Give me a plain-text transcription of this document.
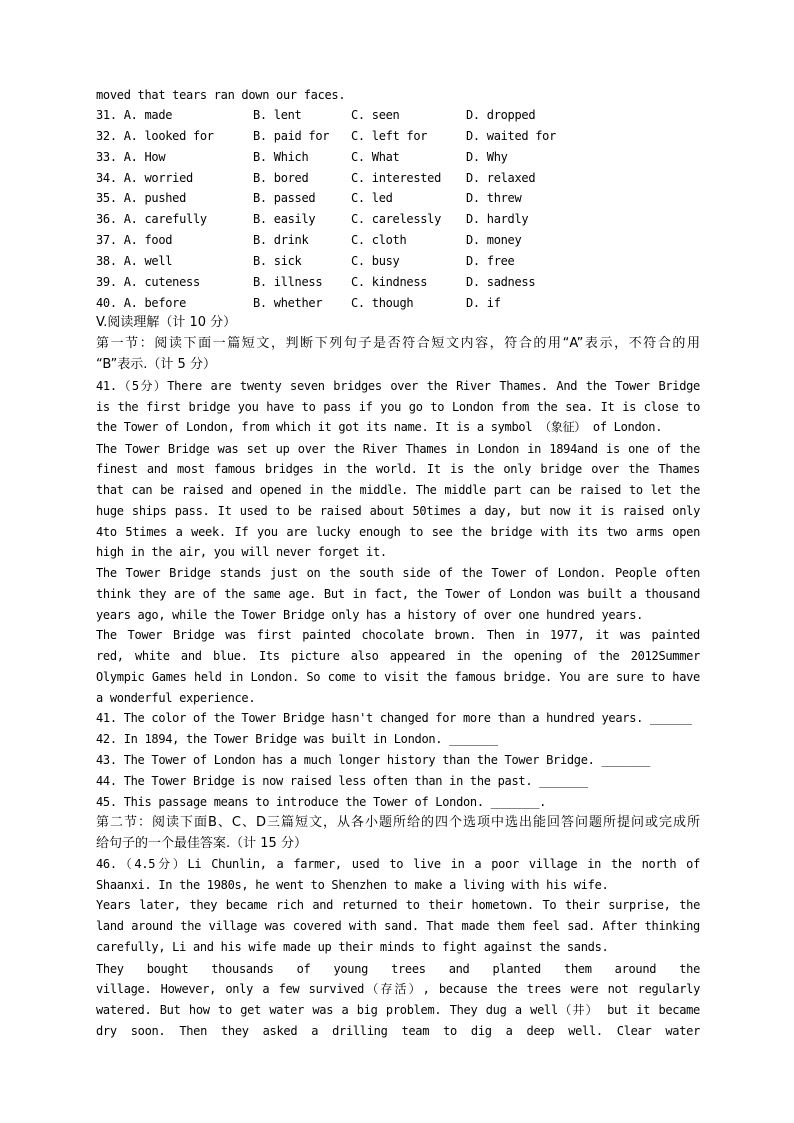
moved that tears ran down our faces.
31. A. made	B. lent	C. seen	D. dropped
32. A. looked for	B. paid for C. left for	D. waited for
33. A. How	B. Which	C. What	D. Why
34. A. worried	B. bored	C. interested D. relaxed
35. A. pushed	B. passed	C. led	D. threw
36. A. carefully	B. easily	C. carelessly D. hardly
37. A. food	B. drink	C. cloth	D. money
38. A. well	B. sick	C. busy	D. free
39. A. cuteness	B. illness C. kindness	D. sadness
40. A. before	B. whether C. though	D. if
V.阅读理解（计 10 分）
第一节：阅读下面一篇短文，判断下列句子是否符合短文内容，符合的用“A”表示，不符合的用
“B”表示.（计 5 分）
41.（5分）There are twenty seven bridges over the River Thames. And the Tower Bridge
is the first bridge you have to pass if you go to London from the sea. It is close to
the Tower of London, from which it got its name. It is a symbol （象征） of London.
The Tower Bridge was set up over the River Thames in London in 1894and is one of the
finest and most famous bridges in the world. It is the only bridge over the Thames
that can be raised and opened in the middle. The middle part can be raised to let the
huge ships pass. It used to be raised about 50times a day, but now it is raised only
4to 5times a week. If you are lucky enough to see the bridge with its two arms open
high in the air, you will never forget it.
The Tower Bridge stands just on the south side of the Tower of London. People often
think they are of the same age. But in fact, the Tower of London was built a thousand
years ago, while the Tower Bridge only has a history of over one hundred years.
The Tower Bridge was first painted chocolate brown. Then in 1977, it was painted
red, white and blue. Its picture also appeared in the opening of the 2012Summer
Olympic Games held in London. So come to visit the famous bridge. You are sure to have
a wonderful experience.
41. The color of the Tower Bridge hasn't changed for more than a hundred years. ______
42. In 1894, the Tower Bridge was built in London. _______
43. The Tower of London has a much longer history than the Tower Bridge. _______
44. The Tower Bridge is now raised less often than in the past. _______
45. This passage means to introduce the Tower of London. _______.
第二节：阅读下面B、C、D三篇短文，从各小题所给的四个选项中选出能回答问题所提问或完成所
给句子的一个最佳答案.（计 15 分）
46.（4.5分）Li Chunlin, a farmer, used to live in a poor village in the north of
Shaanxi. In the 1980s, he went to Shenzhen to make a living with his wife.
Years later, they became rich and returned to their hometown. To their surprise, the
land around the village was covered with sand. That made them feel sad. After thinking
carefully, Li and his wife made up their minds to fight against the sands.
They bought thousands of young trees and planted them around the
village. However, only a few survived（存活）, because the trees were not regularly
watered. But how to get water was a big problem. They dug a well（井） but it became
dry soon. Then they asked a drilling team to dig a deep well. Clear water
